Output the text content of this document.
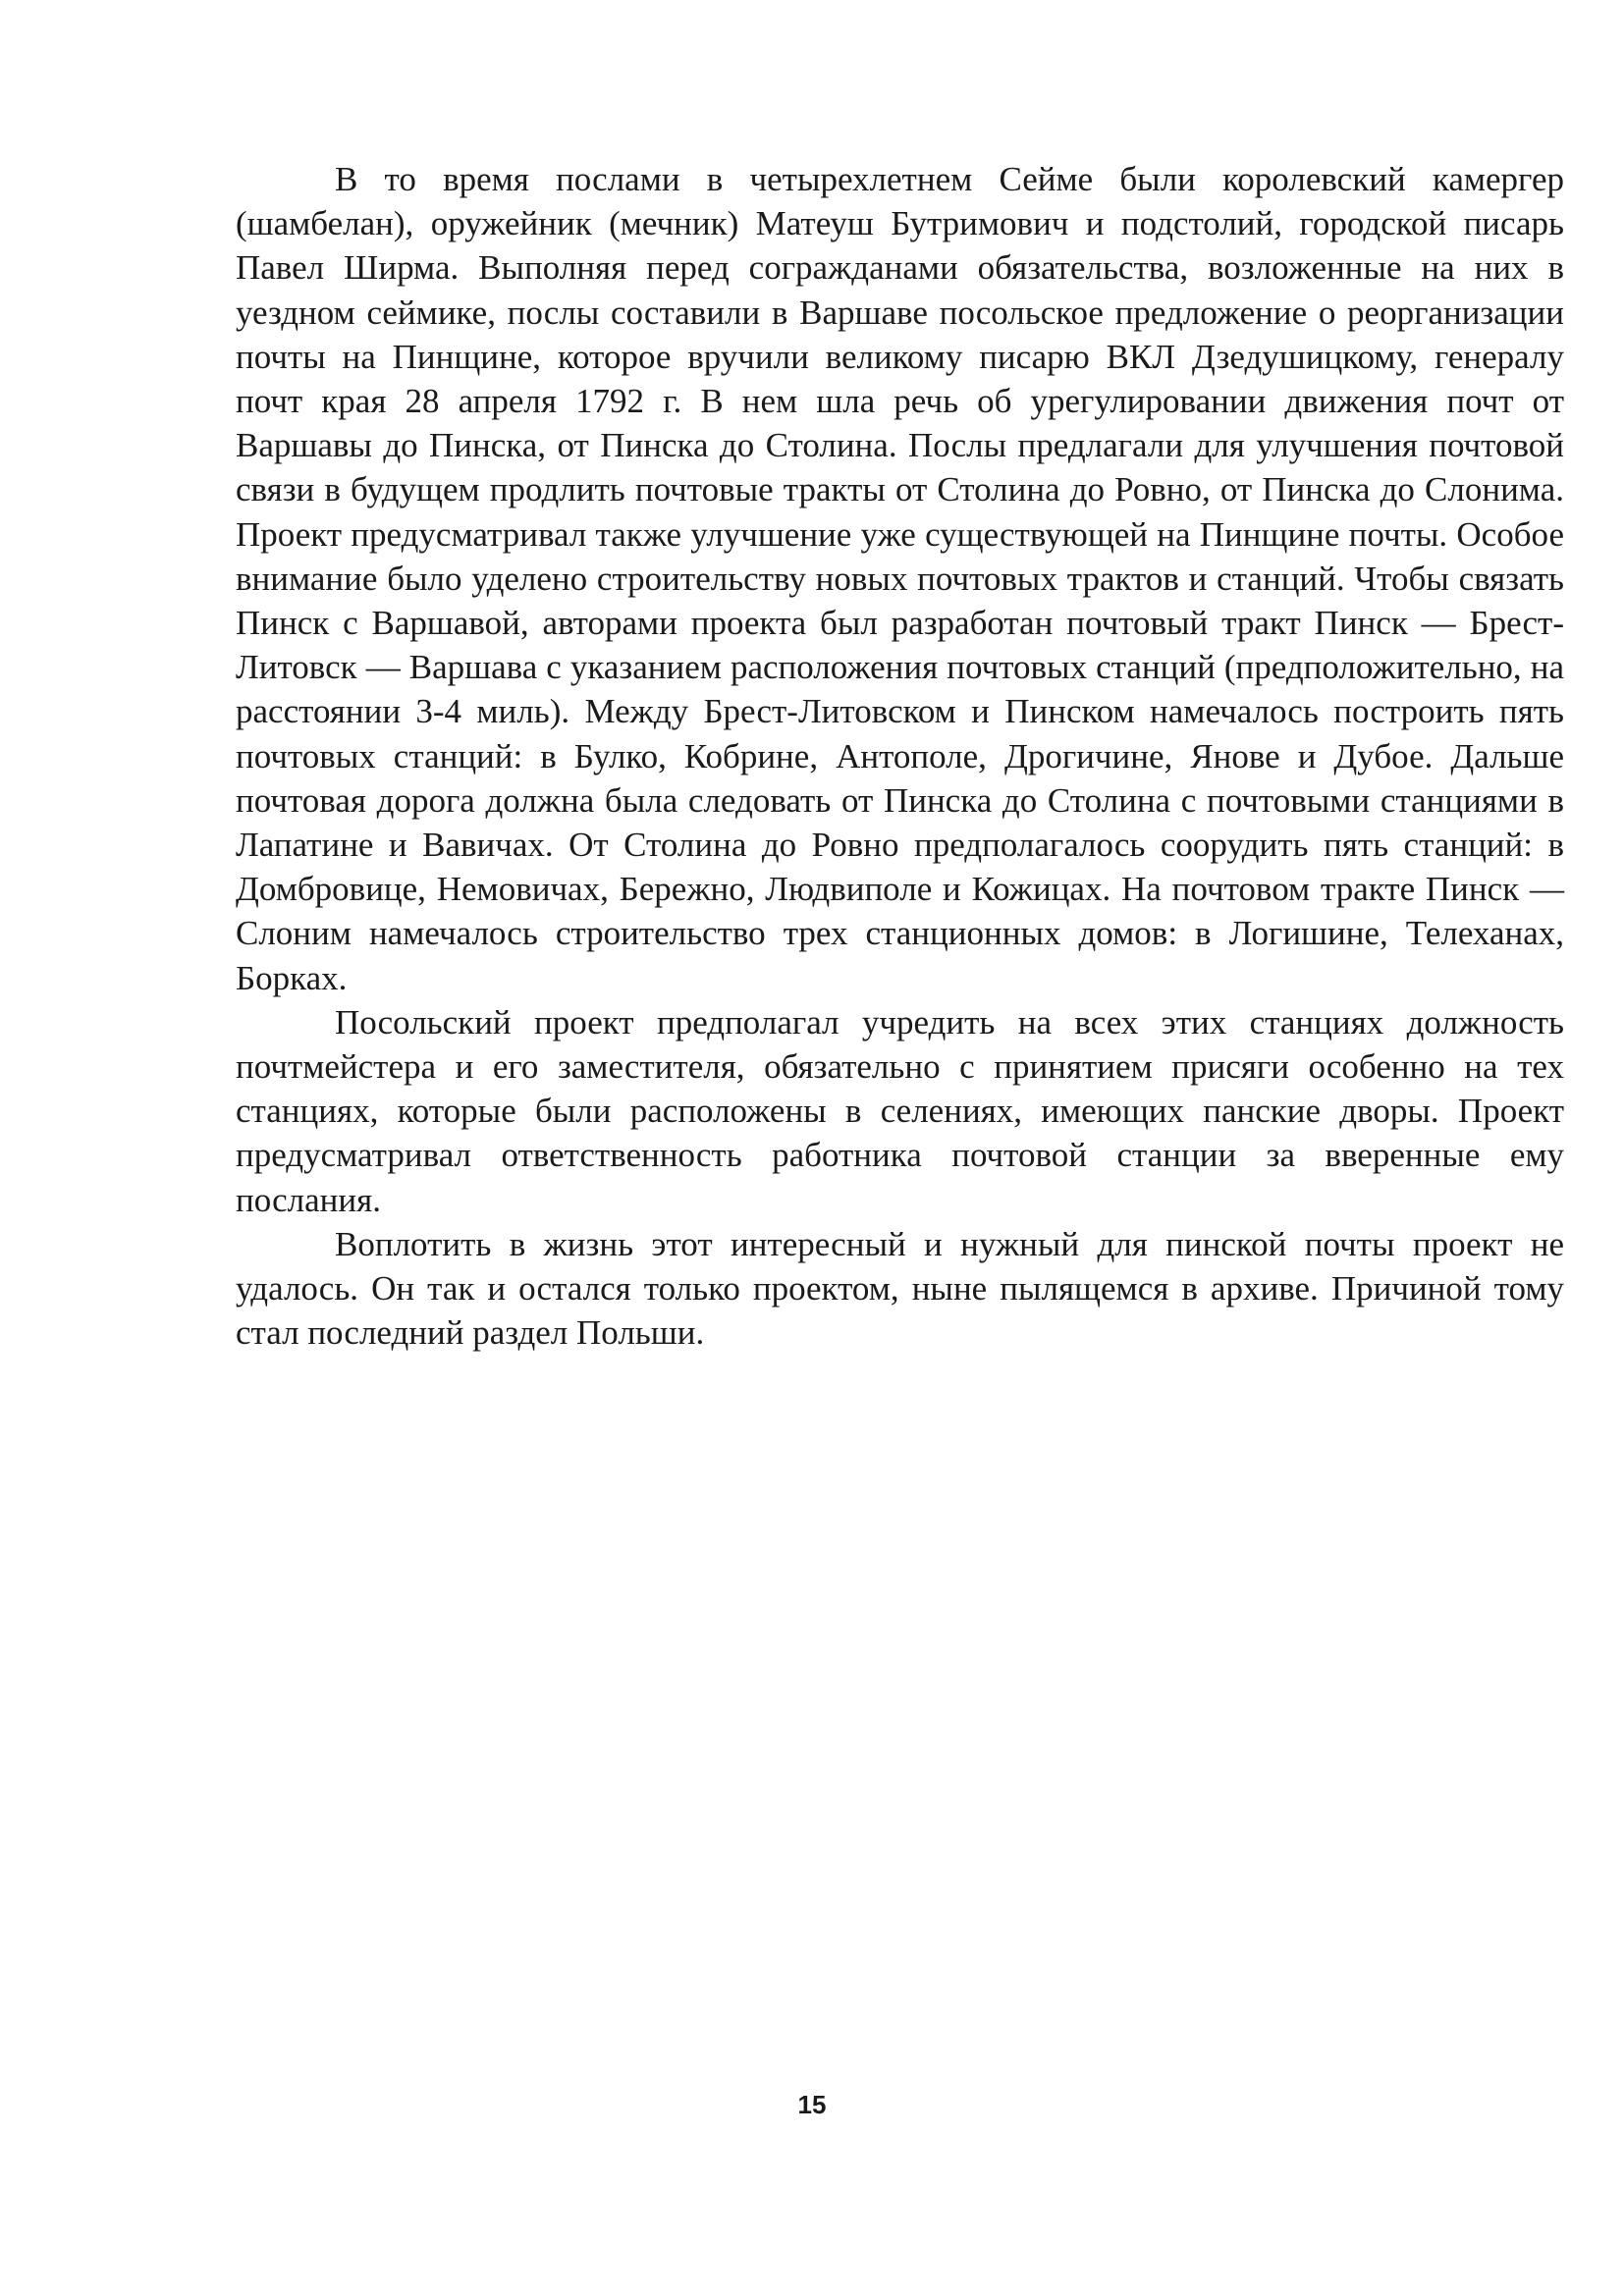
В то время послами в четырехлетнем Сейме были королевский камергер (шамбелан), оружейник (мечник) Матеуш Бутримович и подстолий, городской писарь Павел Ширма. Выполняя перед согражданами обязательства, возложенные на них в уездном сеймике, послы составили в Варшаве посольское предложение о реорганизации почты на Пинщине, которое вручили великому писарю ВКЛ Дзедушицкому, генералу почт края 28 апреля 1792 г. В нем шла речь об урегулировании движения почт от Варшавы до Пинска, от Пинска до Столина. Послы предлагали для улучшения почтовой связи в будущем продлить почтовые тракты от Столина до Ровно, от Пинска до Слонима. Проект предусматривал также улучшение уже существующей на Пинщине почты. Особое внимание было уделено строительству новых почтовых трактов и станций. Чтобы связать Пинск с Варшавой, авторами проекта был разработан почтовый тракт Пинск — Брест-Литовск — Варшава с указанием расположения почтовых станций (предположительно, на расстоянии 3-4 миль). Между Брест-Литовском и Пинском намечалось построить пять почтовых станций: в Булко, Кобрине, Антополе, Дрогичине, Янове и Дубое. Дальше почтовая дорога должна была следовать от Пинска до Столина с почтовыми станциями в Лапатине и Вавичах. От Столина до Ровно предполагалось соорудить пять станций: в Домбровице, Немовичах, Бережно, Людвиполе и Кожицах. На почтовом тракте Пинск — Слоним намечалось строительство трех станционных домов: в Логишине, Телеханах, Борках.

Посольский проект предполагал учредить на всех этих станциях должность почтмейстера и его заместителя, обязательно с принятием присяги особенно на тех станциях, которые были расположены в селениях, имеющих панские дворы. Проект предусматривал ответственность работника почтовой станции за вверенные ему послания.

Воплотить в жизнь этот интересный и нужный для пинской почты проект не удалось. Он так и остался только проектом, ныне пылящемся в архиве. Причиной тому стал последний раздел Польши.

15
